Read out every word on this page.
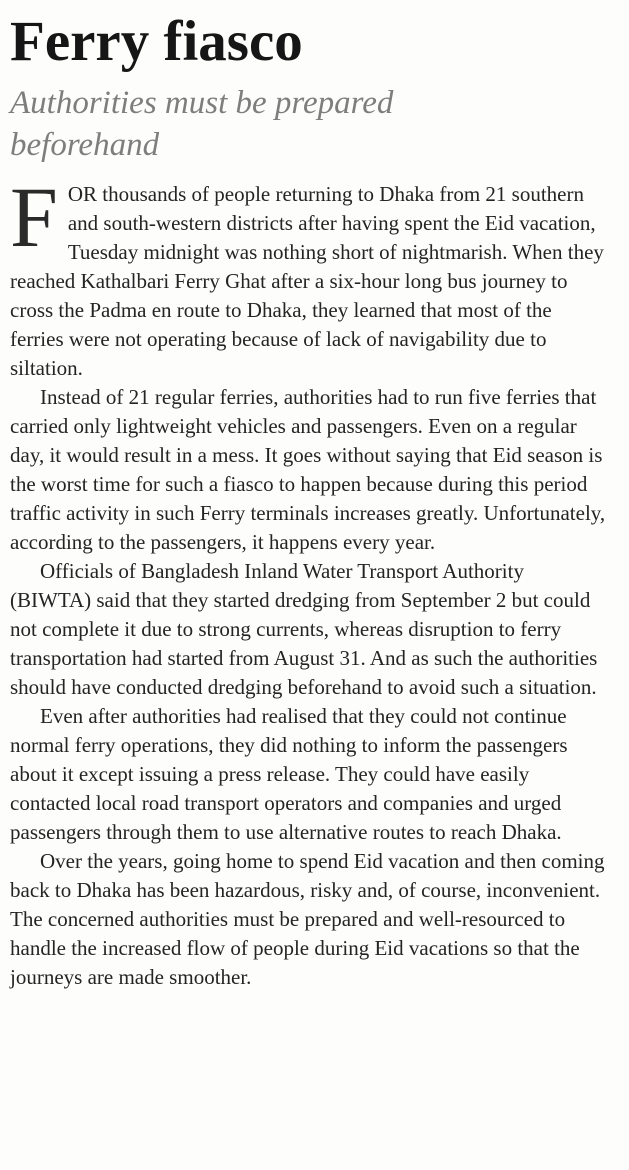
Ferry fiasco
Authorities must be prepared beforehand

FOR thousands of people returning to Dhaka from 21 southern and south-western districts after having spent the Eid vacation, Tuesday midnight was nothing short of nightmarish. When they reached Kathalbari Ferry Ghat after a six-hour long bus journey to cross the Padma en route to Dhaka, they learned that most of the ferries were not operating because of lack of navigability due to siltation.

Instead of 21 regular ferries, authorities had to run five ferries that carried only lightweight vehicles and passengers. Even on a regular day, it would result in a mess. It goes without saying that Eid season is the worst time for such a fiasco to happen because during this period traffic activity in such Ferry terminals increases greatly. Unfortunately, according to the passengers, it happens every year.

Officials of Bangladesh Inland Water Transport Authority (BIWTA) said that they started dredging from September 2 but could not complete it due to strong currents, whereas disruption to ferry transportation had started from August 31. And as such the authorities should have conducted dredging beforehand to avoid such a situation.

Even after authorities had realised that they could not continue normal ferry operations, they did nothing to inform the passengers about it except issuing a press release. They could have easily contacted local road transport operators and companies and urged passengers through them to use alternative routes to reach Dhaka.

Over the years, going home to spend Eid vacation and then coming back to Dhaka has been hazardous, risky and, of course, inconvenient. The concerned authorities must be prepared and well-resourced to handle the increased flow of people during Eid vacations so that the journeys are made smoother.
